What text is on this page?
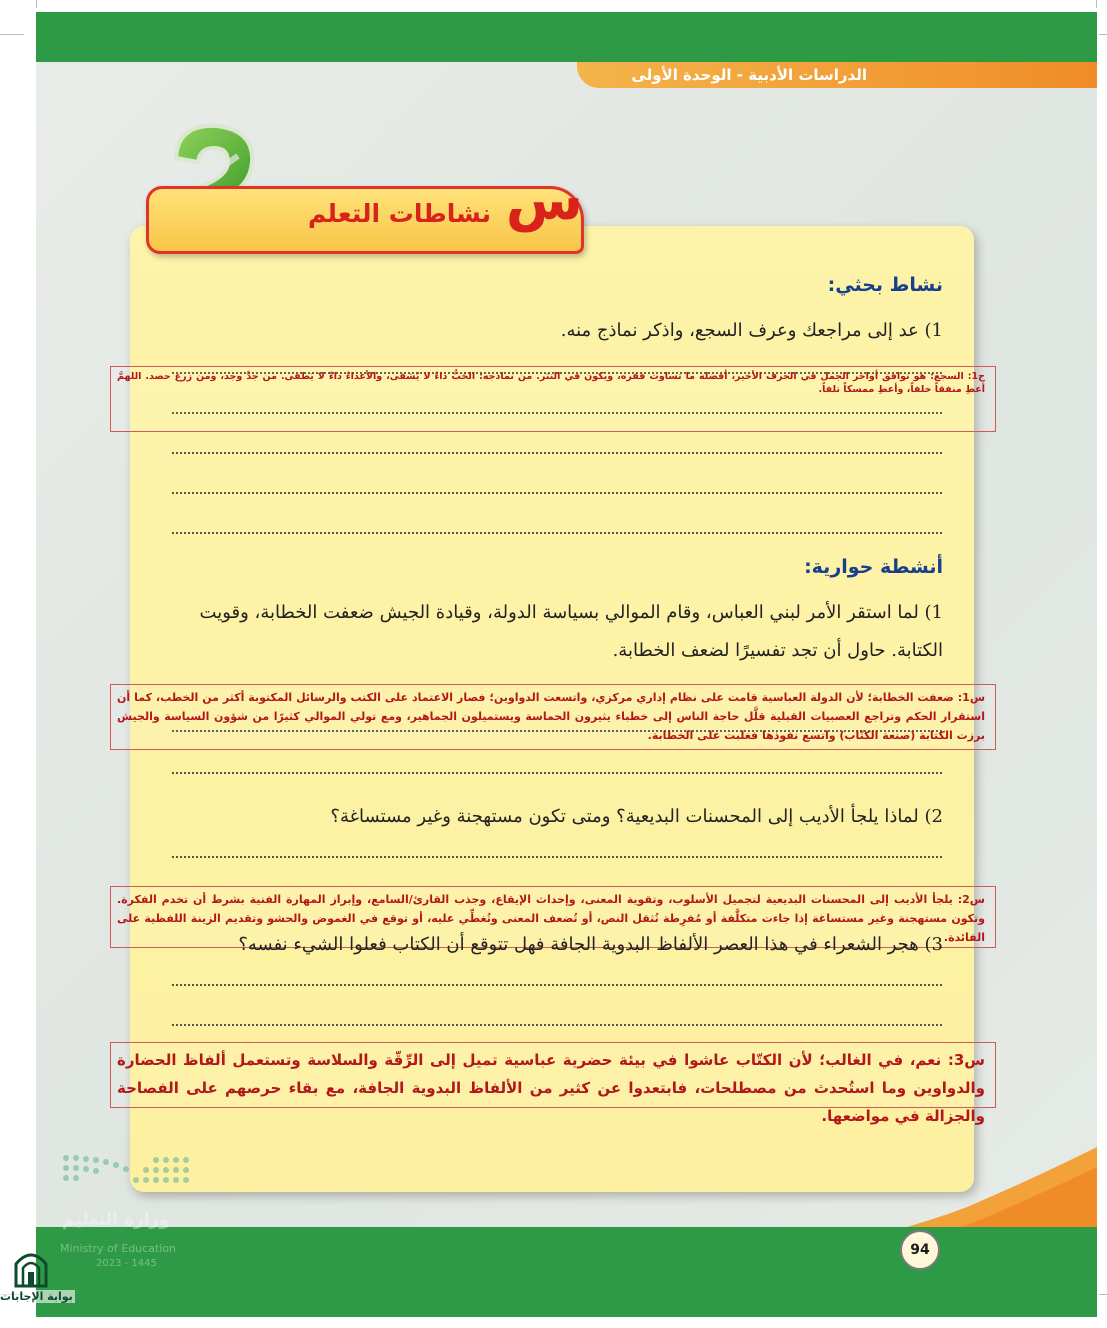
الدراسات الأدبية - الوحدة الأولى
نشاطات التعلم س
نشاط بحثي:
1) عد إلى مراجعك وعرف السجع، واذكر نماذج منه.
ج1: السجع: هو توافق أواخر الجمل في الحرف الأخير، أفضله ما تساوت فقره، ويكون في النثر. من نماذجه: الحُبُّ داءٌ لا يُشفى، والأعداءُ داءٌ لا يَطفى. من جدَّ وجد، ومن زرع حصد. اللهمَّ أعطِ منفقاً خلفاً، وأعطِ ممسكاً تلفاً.
أنشطة حوارية:
1) لما استقر الأمر لبني العباس، وقام الموالي بسياسة الدولة، وقيادة الجيش ضعفت الخطابة، وقويت
الكتابة. حاول أن تجد تفسيرًا لضعف الخطابة.
س1: ضعفت الخطابة؛ لأن الدولة العباسية قامت على نظام إداري مركزي، واتسعت الدواوين؛ فصار الاعتماد على الكتب والرسائل المكتوبة أكثر من الخطب، كما أن استقرار الحكم وتراجع العصبيات القبلية قلَّل حاجة الناس إلى خطباء يثيرون الحماسة ويستميلون الجماهير، ومع تولي الموالي كثيرًا من شؤون السياسة والجيش برزت الكتابة (صنعة الكتّاب) واتسع نفوذها فغلبت على الخطابة.
2) لماذا يلجأ الأديب إلى المحسنات البديعية؟ ومتى تكون مستهجنة وغير مستساغة؟
س2: يلجأ الأديب إلى المحسنات البديعية لتجميل الأسلوب، وتقوية المعنى، وإحداث الإيقاع، وجذب القارئ/السامع، وإبراز المهارة الفنية بشرط أن تخدم الفكرة. وتكون مستهجنة وغير مستساغة إذا جاءت متكلَّفة أو مُفرِطة تُثقل النص، أو تُضعف المعنى وتُغطِّي عليه، أو توقع في الغموض والحشو وتقديم الزينة اللفظية على الفائدة.
3) هجر الشعراء في هذا العصر الألفاظ البدوية الجافة فهل تتوقع أن الكتاب فعلوا الشيء نفسه؟
س3: نعم، في الغالب؛ لأن الكتّاب عاشوا في بيئة حضرية عباسية تميل إلى الرِّقّة والسلاسة وتستعمل ألفاظ الحضارة والدواوين وما استُحدث من مصطلحات، فابتعدوا عن كثير من الألفاظ البدوية الجافة، مع بقاء حرصهم على الفصاحة والجزالة في مواضعها.
وزارة التعليم
Ministry of Education
2023 - 1445
94
بوابة الإجابات
